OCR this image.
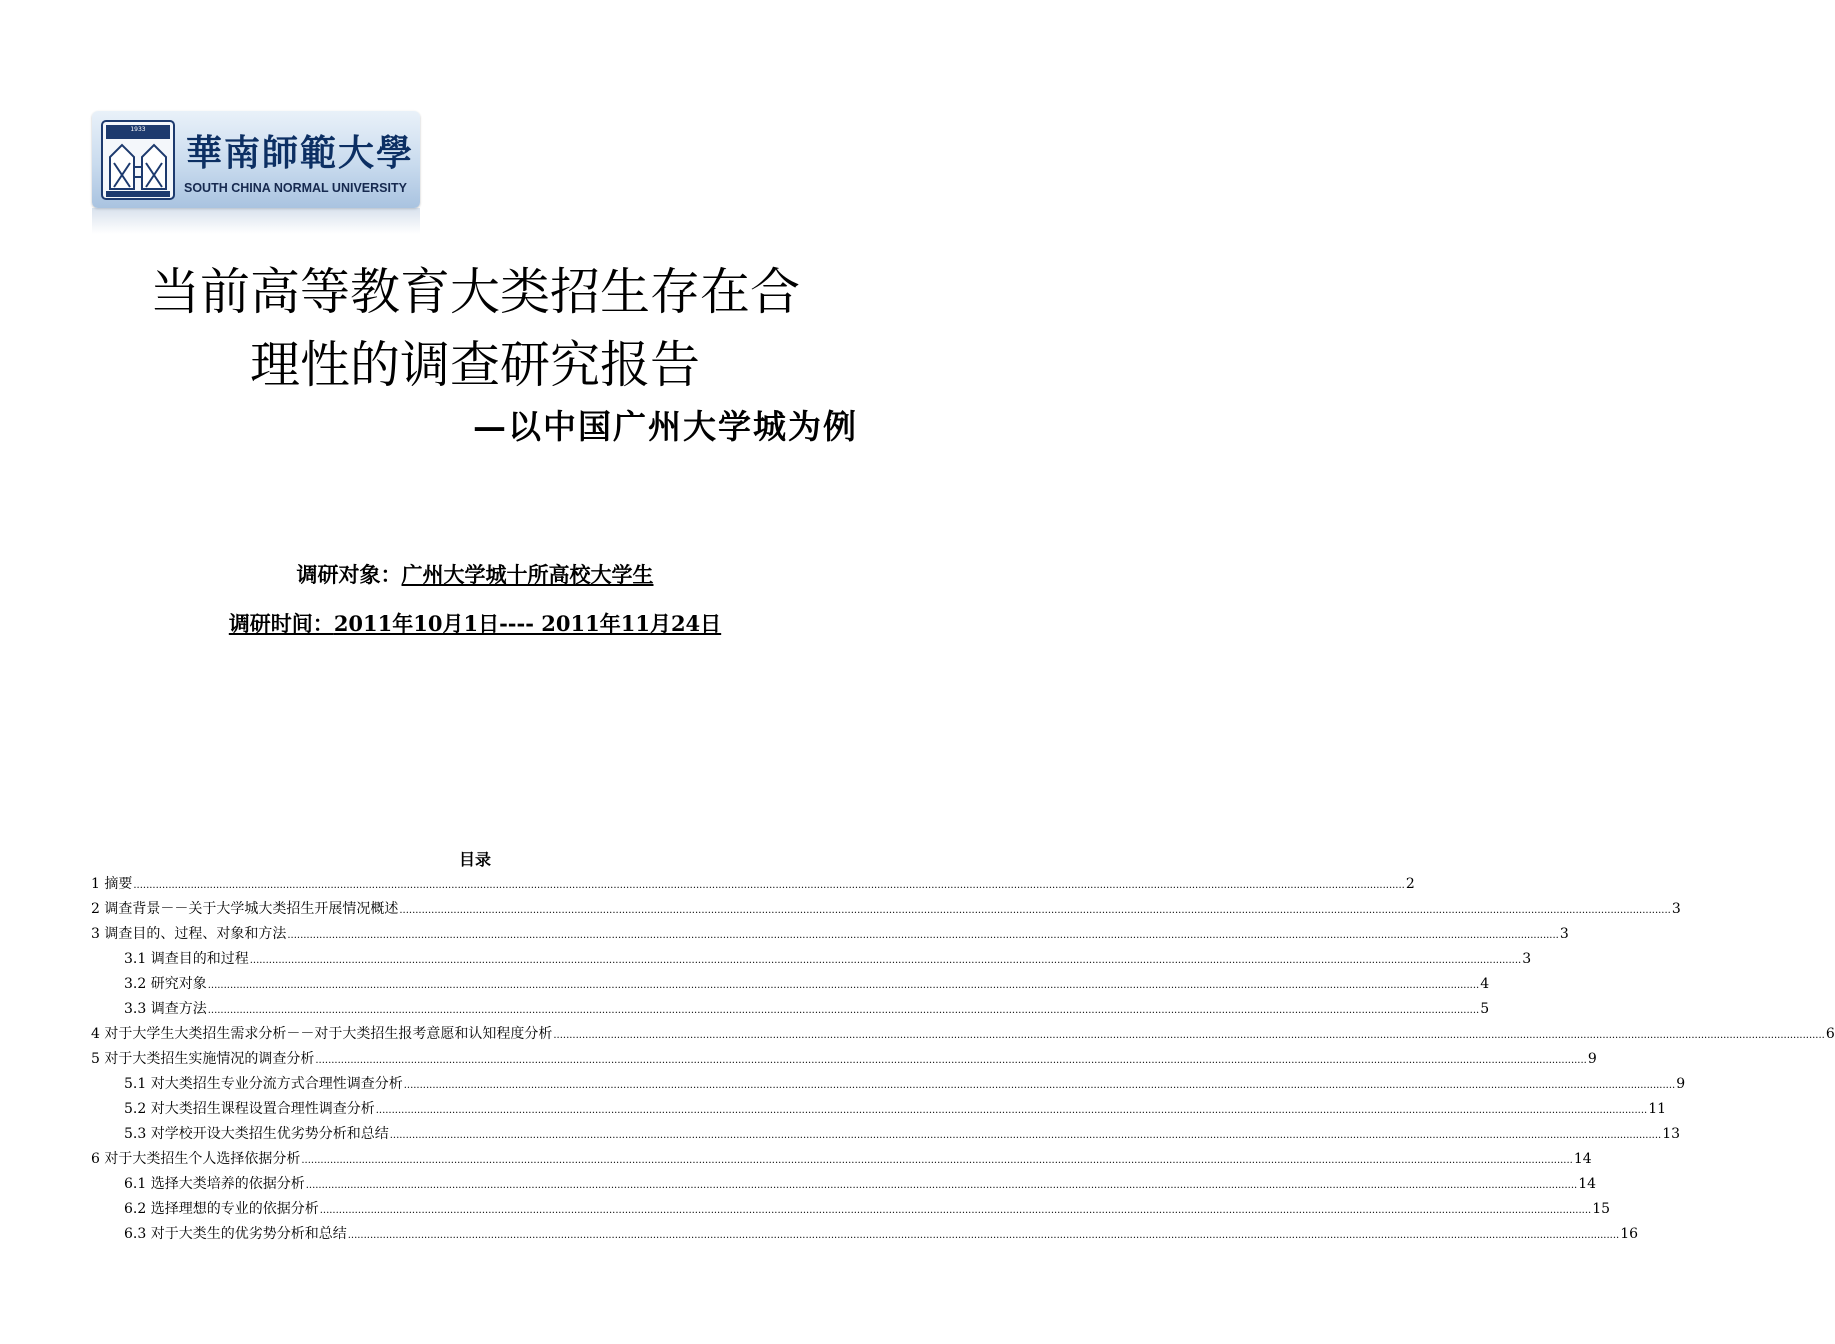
1933
華南師範大學
SOUTH CHINA NORMAL UNIVERSITY
当前高等教育大类招生存在合
理性的调查研究报告
—以中国广州大学城为例
调研对象：广州大学城十所高校大学生
调研时间：2011年10月1日---- 2011年11月24日
目录
1 摘要 ................................................................................................................................................................................................................................................................................................................................................................................................................ 2
2 调查背景－－关于大学城大类招生开展情况概述 ................................................................................................................................................................................................................................................................................................................................................................................................................ 3
3 调查目的、过程、对象和方法 ................................................................................................................................................................................................................................................................................................................................................................................................................ 3
3.1 调查目的和过程 ................................................................................................................................................................................................................................................................................................................................................................................................................ 3
3.2 研究对象 ................................................................................................................................................................................................................................................................................................................................................................................................................ 4
3.3 调查方法 ................................................................................................................................................................................................................................................................................................................................................................................................................ 5
4 对于大学生大类招生需求分析－－对于大类招生报考意愿和认知程度分析 ................................................................................................................................................................................................................................................................................................................................................................................................................ 6
5 对于大类招生实施情况的调查分析 ................................................................................................................................................................................................................................................................................................................................................................................................................ 9
5.1 对大类招生专业分流方式合理性调查分析 ................................................................................................................................................................................................................................................................................................................................................................................................................ 9
5.2 对大类招生课程设置合理性调查分析 ................................................................................................................................................................................................................................................................................................................................................................................................................ 11
5.3 对学校开设大类招生优劣势分析和总结 ................................................................................................................................................................................................................................................................................................................................................................................................................ 13
6 对于大类招生个人选择依据分析 ................................................................................................................................................................................................................................................................................................................................................................................................................ 14
6.1 选择大类培养的依据分析 ................................................................................................................................................................................................................................................................................................................................................................................................................ 14
6.2 选择理想的专业的依据分析 ................................................................................................................................................................................................................................................................................................................................................................................................................ 15
6.3 对于大类生的优劣势分析和总结 ................................................................................................................................................................................................................................................................................................................................................................................................................ 16
